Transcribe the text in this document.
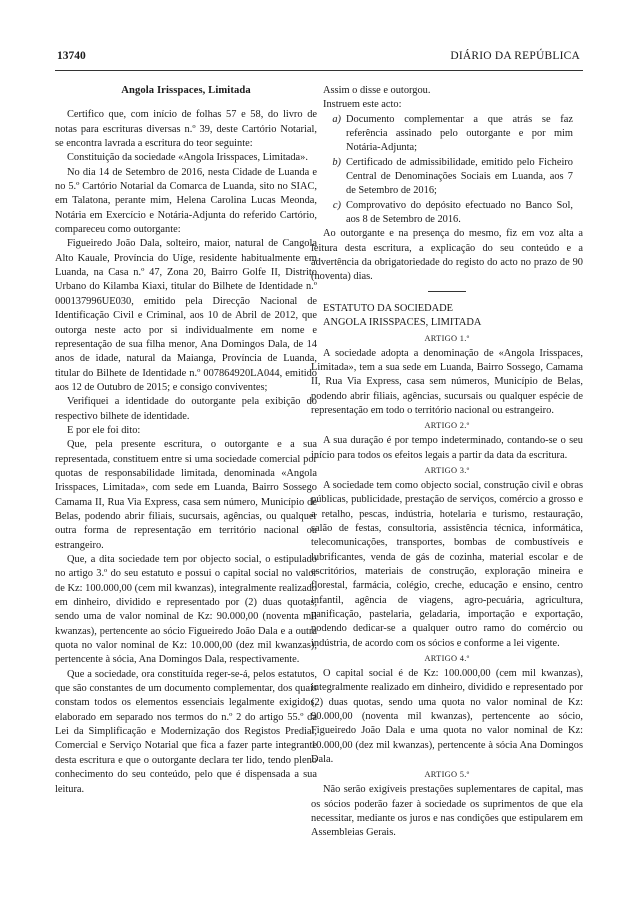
13740	DIÁRIO DA REPÚBLICA
Angola Irisspaces, Limitada

Certifico que, com início de folhas 57 e 58, do livro de notas para escrituras diversas n.º 39, deste Cartório Notarial, se encontra lavrada a escritura do teor seguinte:

Constituição da sociedade «Angola Irisspaces, Limitada».

No dia 14 de Setembro de 2016, nesta Cidade de Luanda e no 5.º Cartório Notarial da Comarca de Luanda, sito no SIAC, em Talatona, perante mim, Helena Carolina Lucas Meonda, Notária em Exercício e Notária-Adjunta do referido Cartório, compareceu como outorgante:

Figueiredo João Dala, solteiro, maior, natural de Cangola Alto Kauale, Província do Uíge, residente habitualmente em Luanda, na Casa n.º 47, Zona 20, Bairro Golfe II, Distrito Urbano do Kilamba Kiaxi, titular do Bilhete de Identidade n.º 000137996UE030, emitido pela Direcção Nacional de Identificação Civil e Criminal, aos 10 de Abril de 2012, que outorga neste acto por si individualmente em nome e representação de sua filha menor, Ana Domingos Dala, de 14 anos de idade, natural da Maianga, Província de Luanda, titular do Bilhete de Identidade n.º 007864920LA044, emitido aos 12 de Outubro de 2015; e consigo conviventes;

Verifiquei a identidade do outorgante pela exibição do respectivo bilhete de identidade.

E por ele foi dito:

Que, pela presente escritura, o outorgante e a sua representada, constituem entre si uma sociedade comercial por quotas de responsabilidade limitada, denominada «Angola Irisspaces, Limitada», com sede em Luanda, Bairro Sossego Camama II, Rua Via Express, casa sem número, Município de Belas, podendo abrir filiais, sucursais, agências, ou qualquer outra forma de representação em território nacional ou estrangeiro.

Que, a dita sociedade tem por objecto social, o estipulado no artigo 3.º do seu estatuto e possui o capital social no valor de Kz: 100.000,00 (cem mil kwanzas), integralmente realizado em dinheiro, dividido e representado por (2) duas quotas, sendo uma de valor nominal de Kz: 90.000,00 (noventa mil kwanzas), pertencente ao sócio Figueiredo João Dala e a outra quota no valor nominal de Kz: 10.000,00 (dez mil kwanzas), pertencente à sócia, Ana Domingos Dala, respectivamente.

Que a sociedade, ora constituída reger-se-á, pelos estatutos, que são constantes de um documento complementar, dos quais constam todos os elementos essenciais legalmente exigidos, elaborado em separado nos termos do n.º 2 do artigo 55.º da Lei da Simplificação e Modernização dos Registos Predial, Comercial e Serviço Notarial que fica a fazer parte integrante desta escritura e que o outorgante declara ter lido, tendo pleno conhecimento do seu conteúdo, pelo que é dispensada a sua leitura.

Assim o disse e outorgou.

Instruem este acto:

a) Documento complementar a que atrás se faz referência assinado pelo outorgante e por mim Notária-Adjunta;
b) Certificado de admissibilidade, emitido pelo Ficheiro Central de Denominações Sociais em Luanda, aos 7 de Setembro de 2016;
c) Comprovativo do depósito efectuado no Banco Sol, aos 8 de Setembro de 2016.

Ao outorgante e na presença do mesmo, fiz em voz alta a leitura desta escritura, a explicação do seu conteúdo e a advertência da obrigatoriedade do registo do acto no prazo de 90 (noventa) dias.

ESTATUTO DA SOCIEDADE

ANGOLA IRISSPACES, LIMITADA

ARTIGO 1.º

A sociedade adopta a denominação de «Angola Irisspaces, Limitada», tem a sua sede em Luanda, Bairro Sossego, Camama II, Rua Via Express, casa sem números, Município de Belas, podendo abrir filiais, agências, sucursais ou qualquer espécie de representação em todo o território nacional ou estrangeiro.

ARTIGO 2.º

A sua duração é por tempo indeterminado, contando-se o seu início para todos os efeitos legais a partir da data da escritura.

ARTIGO 3.º

A sociedade tem como objecto social, construção civil e obras públicas, publicidade, prestação de serviços, comércio a grosso e a retalho, pescas, indústria, hotelaria e turismo, restauração, salão de festas, consultoria, assistência técnica, informática, telecomunicações, transportes, bombas de combustíveis e lubrificantes, venda de gás de cozinha, material escolar e de escritórios, materiais de construção, exploração mineira e florestal, farmácia, colégio, creche, educação e ensino, centro infantil, agência de viagens, agro-pecuária, agricultura, panificação, pastelaria, geladaria, importação e exportação, podendo dedicar-se a qualquer outro ramo do comércio ou indústria, de acordo com os sócios e conforme a lei vigente.

ARTIGO 4.º

O capital social é de Kz: 100.000,00 (cem mil kwanzas), integralmente realizado em dinheiro, dividido e representado por (2) duas quotas, sendo uma quota no valor nominal de Kz: 90.000,00 (noventa mil kwanzas), pertencente ao sócio, Figueiredo João Dala e uma quota no valor nominal de Kz: 10.000,00 (dez mil kwanzas), pertencente à sócia Ana Domingos Dala.

ARTIGO 5.º

Não serão exigíveis prestações suplementares de capital, mas os sócios poderão fazer à sociedade os suprimentos de que ela necessitar, mediante os juros e nas condições que estipularem em Assembleias Gerais.
